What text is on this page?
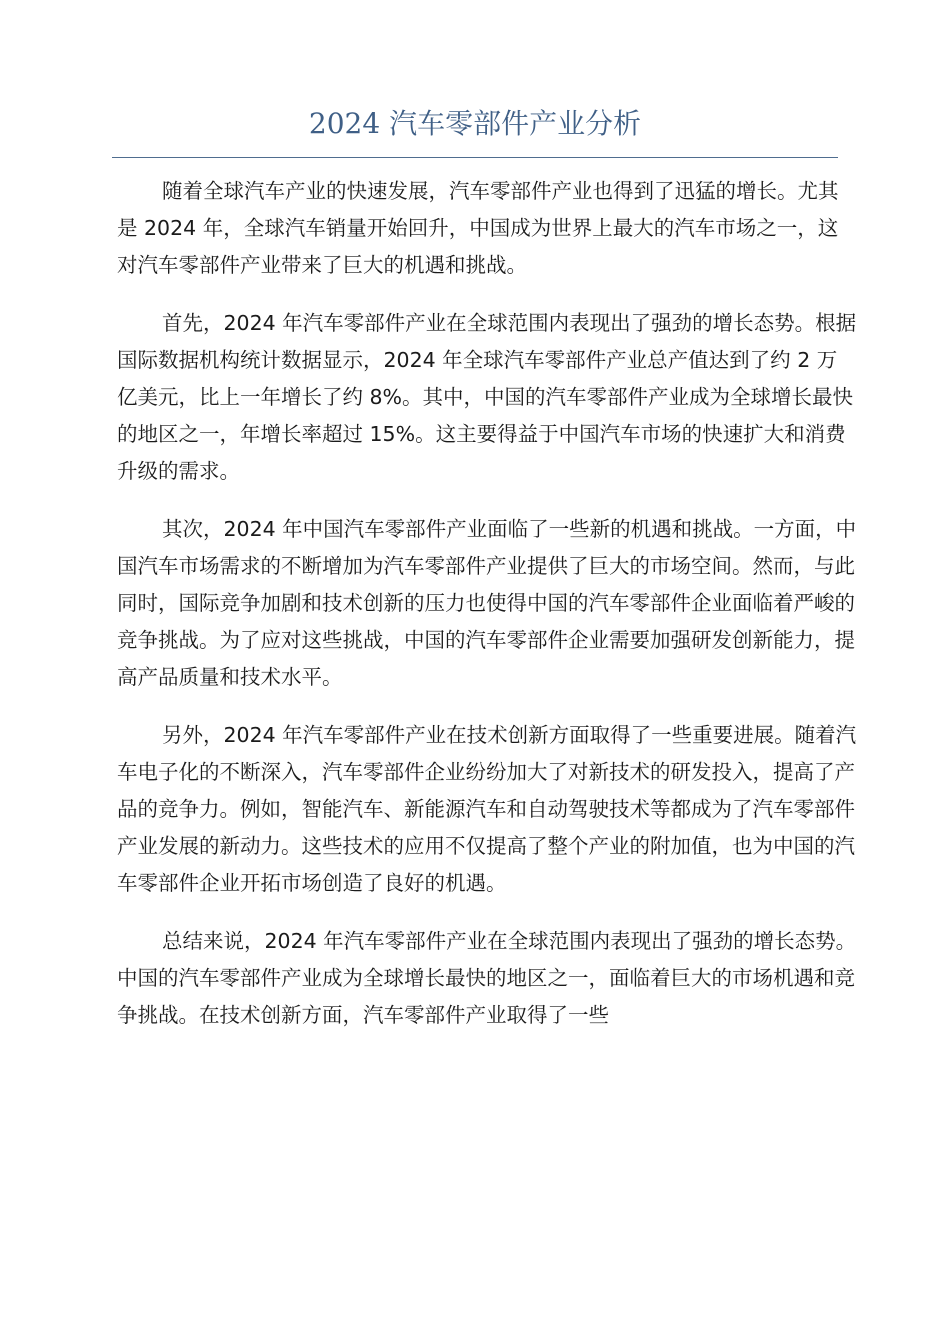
2024 汽车零部件产业分析

随着全球汽车产业的快速发展，汽车零部件产业也得到了迅猛的增长。尤其是 2024 年，全球汽车销量开始回升，中国成为世界上最大的汽车市场之一，这对汽车零部件产业带来了巨大的机遇和挑战。

首先，2024 年汽车零部件产业在全球范围内表现出了强劲的增长态势。根据国际数据机构统计数据显示，2024 年全球汽车零部件产业总产值达到了约 2 万亿美元，比上一年增长了约 8%。其中，中国的汽车零部件产业成为全球增长最快的地区之一，年增长率超过 15%。这主要得益于中国汽车市场的快速扩大和消费升级的需求。

其次，2024 年中国汽车零部件产业面临了一些新的机遇和挑战。一方面，中国汽车市场需求的不断增加为汽车零部件产业提供了巨大的市场空间。然而，与此同时，国际竞争加剧和技术创新的压力也使得中国的汽车零部件企业面临着严峻的竞争挑战。为了应对这些挑战，中国的汽车零部件企业需要加强研发创新能力，提高产品质量和技术水平。

另外，2024 年汽车零部件产业在技术创新方面取得了一些重要进展。随着汽车电子化的不断深入，汽车零部件企业纷纷加大了对新技术的研发投入，提高了产品的竞争力。例如，智能汽车、新能源汽车和自动驾驶技术等都成为了汽车零部件产业发展的新动力。这些技术的应用不仅提高了整个产业的附加值，也为中国的汽车零部件企业开拓市场创造了良好的机遇。

总结来说，2024 年汽车零部件产业在全球范围内表现出了强劲的增长态势。中国的汽车零部件产业成为全球增长最快的地区之一，面临着巨大的市场机遇和竞争挑战。在技术创新方面，汽车零部件产业取得了一些
